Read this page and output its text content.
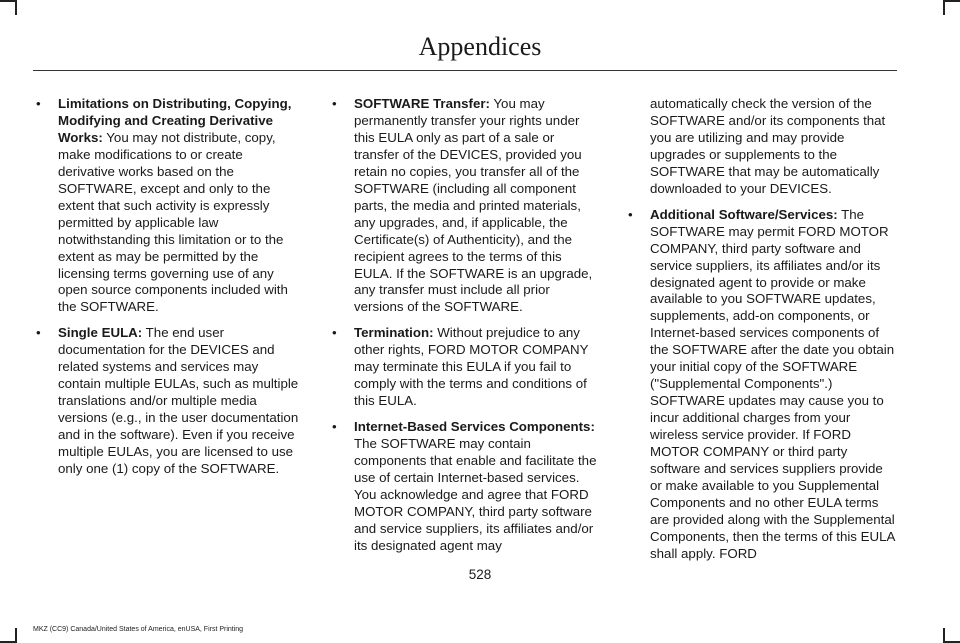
Appendices
• Limitations on Distributing, Copying, Modifying and Creating Derivative Works: You may not distribute, copy, make modifications to or create derivative works based on the SOFTWARE, except and only to the extent that such activity is expressly permitted by applicable law notwithstanding this limitation or to the extent as may be permitted by the licensing terms governing use of any open source components included with the SOFTWARE.
• Single EULA: The end user documentation for the DEVICES and related systems and services may contain multiple EULAs, such as multiple translations and/or multiple media versions (e.g., in the user documentation and in the software). Even if you receive multiple EULAs, you are licensed to use only one (1) copy of the SOFTWARE.
• SOFTWARE Transfer: You may permanently transfer your rights under this EULA only as part of a sale or transfer of the DEVICES, provided you retain no copies, you transfer all of the SOFTWARE (including all component parts, the media and printed materials, any upgrades, and, if applicable, the Certificate(s) of Authenticity), and the recipient agrees to the terms of this EULA. If the SOFTWARE is an upgrade, any transfer must include all prior versions of the SOFTWARE.
• Termination: Without prejudice to any other rights, FORD MOTOR COMPANY may terminate this EULA if you fail to comply with the terms and conditions of this EULA.
• Internet-Based Services Components: The SOFTWARE may contain components that enable and facilitate the use of certain Internet-based services. You acknowledge and agree that FORD MOTOR COMPANY, third party software and service suppliers, its affiliates and/or its designated agent may
automatically check the version of the SOFTWARE and/or its components that you are utilizing and may provide upgrades or supplements to the SOFTWARE that may be automatically downloaded to your DEVICES.
• Additional Software/Services: The SOFTWARE may permit FORD MOTOR COMPANY, third party software and service suppliers, its affiliates and/or its designated agent to provide or make available to you SOFTWARE updates, supplements, add-on components, or Internet-based services components of the SOFTWARE after the date you obtain your initial copy of the SOFTWARE ("Supplemental Components".) SOFTWARE updates may cause you to incur additional charges from your wireless service provider. If FORD MOTOR COMPANY or third party software and services suppliers provide or make available to you Supplemental Components and no other EULA terms are provided along with the Supplemental Components, then the terms of this EULA shall apply. FORD
528
MKZ (CC9) Canada/United States of America, enUSA, First Printing
